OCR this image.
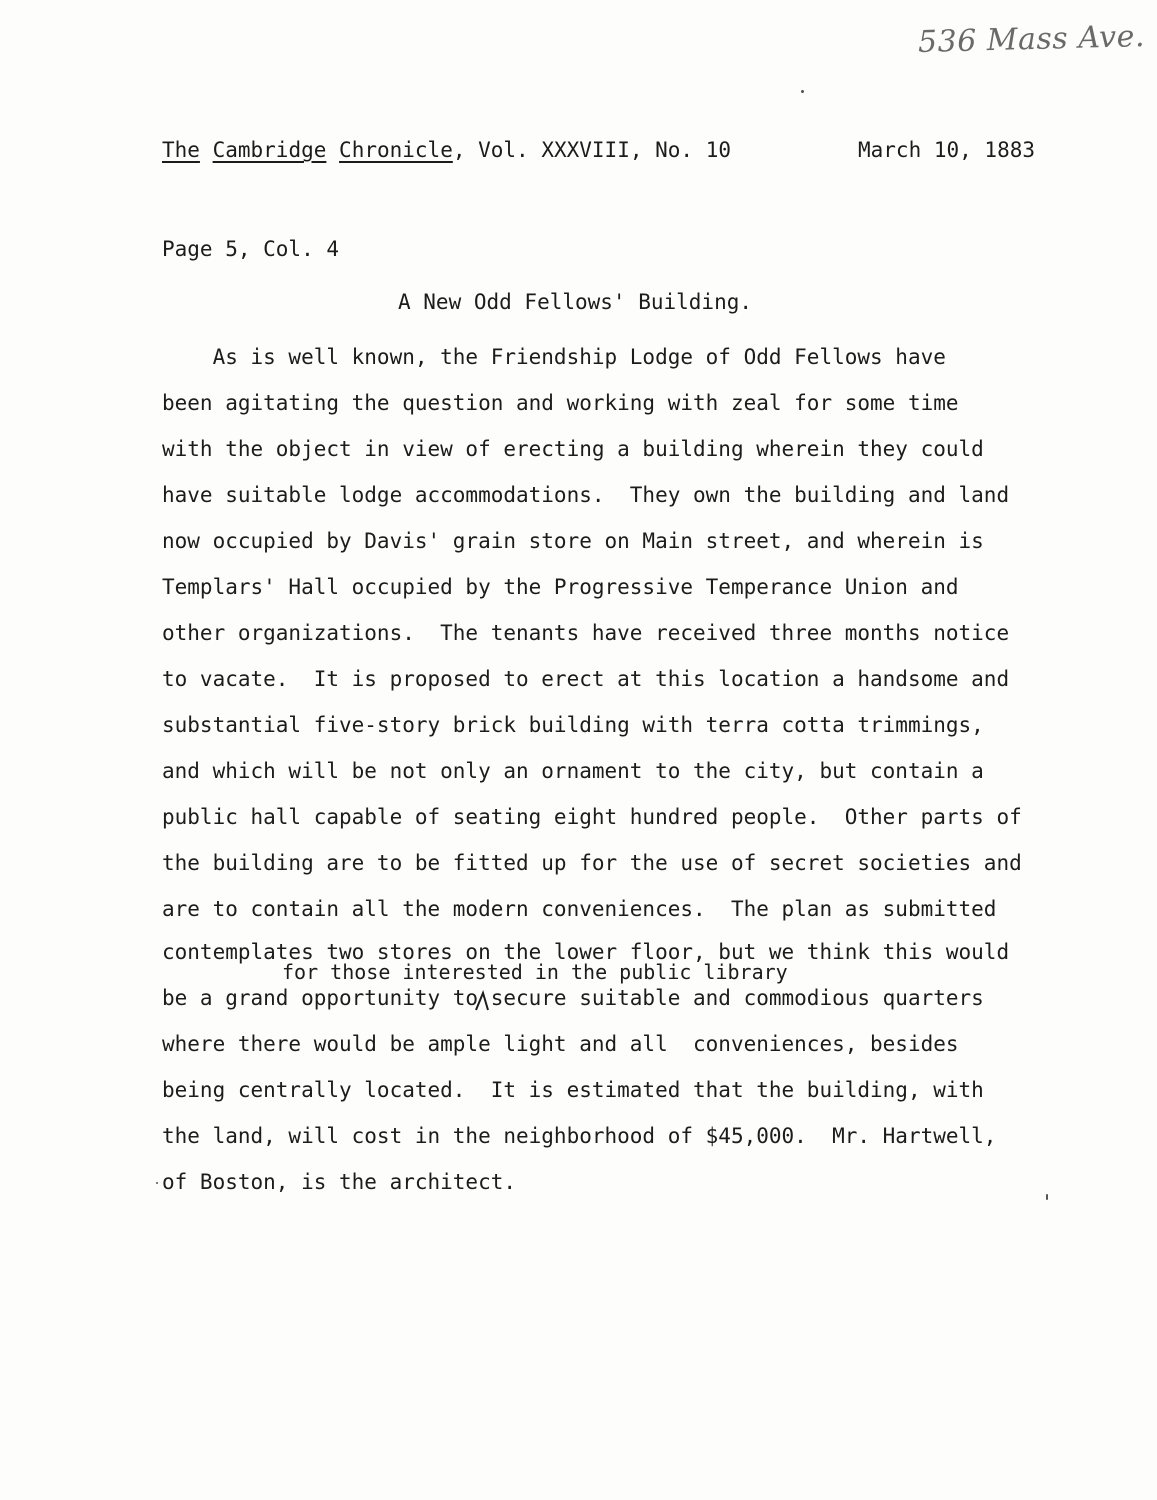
536 Mass Ave.
The Cambridge Chronicle, Vol. XXXVIII, No. 10	March 10, 1883
Page 5, Col. 4
A New Odd Fellows' Building.
As is well known, the Friendship Lodge of Odd Fellows have
been agitating the question and working with zeal for some time
with the object in view of erecting a building wherein they could
have suitable lodge accommodations.  They own the building and land
now occupied by Davis' grain store on Main street, and wherein is
Templars' Hall occupied by the Progressive Temperance Union and
other organizations.  The tenants have received three months notice
to vacate.  It is proposed to erect at this location a handsome and
substantial five-story brick building with terra cotta trimmings,
and which will be not only an ornament to the city, but contain a
public hall capable of seating eight hundred people.  Other parts of
the building are to be fitted up for the use of secret societies and
are to contain all the modern conveniences.  The plan as submitted
contemplates two stores on the lower floor, but we think this would
for those interested in the public library
be a grand opportunity to secure suitable and commodious quarters
where there would be ample light and all  conveniences, besides
being centrally located.  It is estimated that the building, with
the land, will cost in the neighborhood of $45,000.  Mr. Hartwell,
of Boston, is the architect.
